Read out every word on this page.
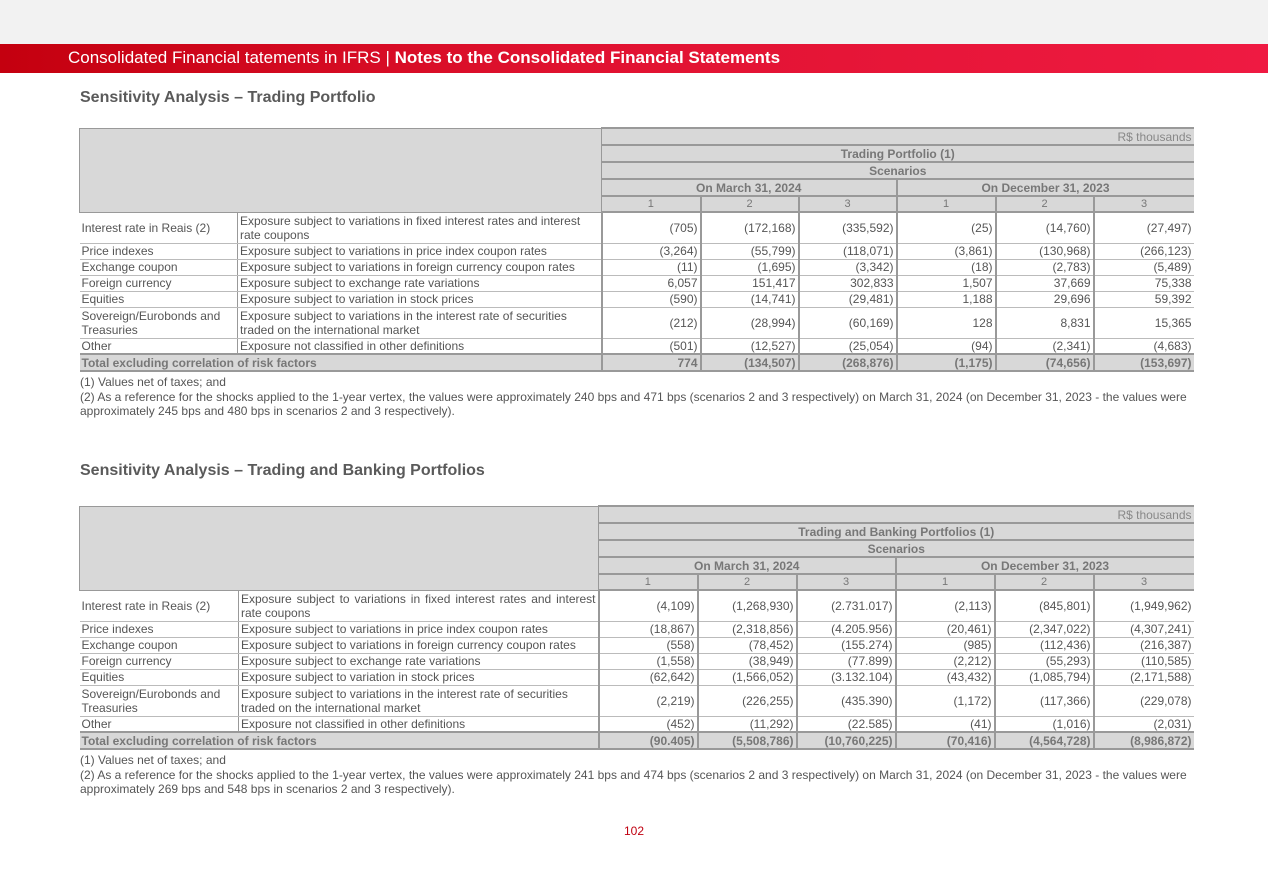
Consolidated Financial tatements in IFRS | Notes to the Consolidated Financial Statements
Sensitivity Analysis – Trading Portfolio
		R$ thousands					
		Trading Portfolio (1)					
		Scenarios					
		On March 31, 2024			On December 31, 2023		
		1	2	3	1	2	3
Interest rate in Reais (2)	Exposure subject to variations in fixed interest rates and interest rate coupons	(705)	(172,168)	(335,592)	(25)	(14,760)	(27,497)
Price indexes	Exposure subject to variations in price index coupon rates	(3,264)	(55,799)	(118,071)	(3,861)	(130,968)	(266,123)
Exchange coupon	Exposure subject to variations in foreign currency coupon rates	(11)	(1,695)	(3,342)	(18)	(2,783)	(5,489)
Foreign currency	Exposure subject to exchange rate variations	6,057	151,417	302,833	1,507	37,669	75,338
Equities	Exposure subject to variation in stock prices	(590)	(14,741)	(29,481)	1,188	29,696	59,392
Sovereign/Eurobonds and Treasuries	Exposure subject to variations in the interest rate of securities traded on the international market	(212)	(28,994)	(60,169)	128	8,831	15,365
Other	Exposure not classified in other definitions	(501)	(12,527)	(25,054)	(94)	(2,341)	(4,683)
Total excluding correlation of risk factors		774	(134,507)	(268,876)	(1,175)	(74,656)	(153,697)
(1) Values net of taxes; and
(2) As a reference for the shocks applied to the 1-year vertex, the values were approximately 240 bps and 471 bps (scenarios 2 and 3 respectively) on March 31, 2024 (on December 31, 2023 - the values were approximately 245 bps and 480 bps in scenarios 2 and 3 respectively).
Sensitivity Analysis – Trading and Banking Portfolios
		R$ thousands					
		Trading and Banking Portfolios (1)					
		Scenarios					
		On March 31, 2024			On December 31, 2023		
		1	2	3	1	2	3
Interest rate in Reais (2)	Exposure subject to variations in fixed interest rates and interest rate coupons	(4,109)	(1,268,930)	(2.731.017)	(2,113)	(845,801)	(1,949,962)
Price indexes	Exposure subject to variations in price index coupon rates	(18,867)	(2,318,856)	(4.205.956)	(20,461)	(2,347,022)	(4,307,241)
Exchange coupon	Exposure subject to variations in foreign currency coupon rates	(558)	(78,452)	(155.274)	(985)	(112,436)	(216,387)
Foreign currency	Exposure subject to exchange rate variations	(1,558)	(38,949)	(77.899)	(2,212)	(55,293)	(110,585)
Equities	Exposure subject to variation in stock prices	(62,642)	(1,566,052)	(3.132.104)	(43,432)	(1,085,794)	(2,171,588)
Sovereign/Eurobonds and Treasuries	Exposure subject to variations in the interest rate of securities traded on the international market	(2,219)	(226,255)	(435.390)	(1,172)	(117,366)	(229,078)
Other	Exposure not classified in other definitions	(452)	(11,292)	(22.585)	(41)	(1,016)	(2,031)
Total excluding correlation of risk factors		(90.405)	(5,508,786)	(10,760,225)	(70,416)	(4,564,728)	(8,986,872)
(1) Values net of taxes; and
(2) As a reference for the shocks applied to the 1-year vertex, the values were approximately 241 bps and 474 bps (scenarios 2 and 3 respectively) on March 31, 2024 (on December 31, 2023 - the values were approximately 269 bps and 548 bps in scenarios 2 and 3 respectively).
102
